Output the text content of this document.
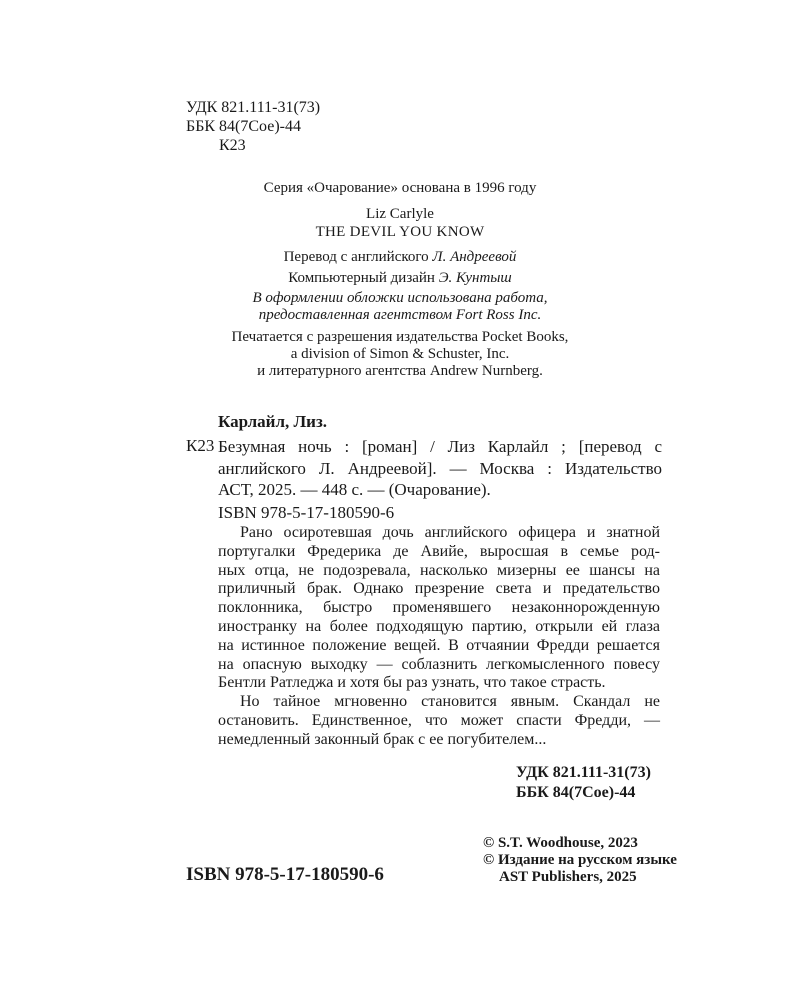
УДК 821.111-31(73)
ББК 84(7Сое)-44
К23
Серия «Очарование» основана в 1996 году
Liz Carlyle
THE DEVIL YOU KNOW
Перевод с английского Л. Андреевой
Компьютерный дизайн Э. Кунтыш
В оформлении обложки использована работа,
предоставленная агентством Fort Ross Inc.
Печатается с разрешения издательства Pocket Books,
a division of Simon & Schuster, Inc.
и литературного агентства Andrew Nurnberg.
Карлайл, Лиз.
К23 Безумная ночь : [роман] / Лиз Карлайл ; [перевод с
английского Л. Андреевой]. — Москва : Издательство
АСТ, 2025. — 448 с. — (Очарование).
ISBN 978-5-17-180590-6
Рано осиротевшая дочь английского офицера и знатной
португалки Фредерика де Авийе, выросшая в семье род-
ных отца, не подозревала, насколько мизерны ее шансы на
приличный брак. Однако презрение света и предательство
поклонника, быстро променявшего незаконнорожденную
иностранку на более подходящую партию, открыли ей глаза
на истинное положение вещей. В отчаянии Фредди решается
на опасную выходку — соблазнить легкомысленного повесу
Бентли Ратледжа и хотя бы раз узнать, что такое страсть.
Но тайное мгновенно становится явным. Скандал не
остановить. Единственное, что может спасти Фредди, —
немедленный законный брак с ее погубителем...
УДК 821.111-31(73)
ББК 84(7Сое)-44
© S.T. Woodhouse, 2023
© Издание на русском языке
AST Publishers, 2025
ISBN 978-5-17-180590-6
